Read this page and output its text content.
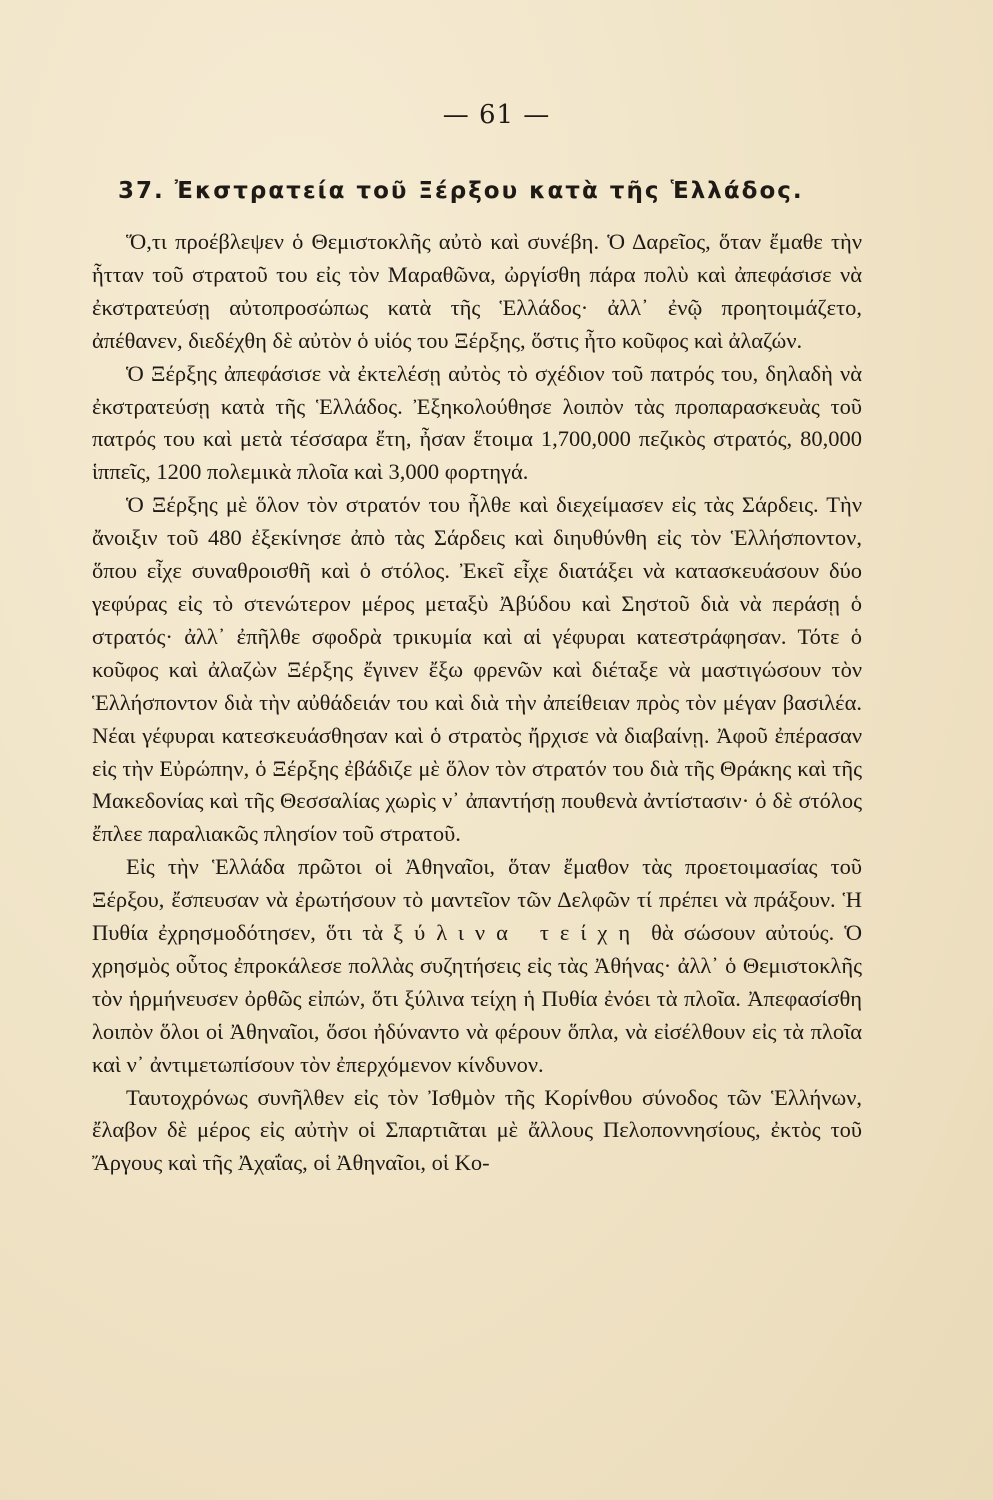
— 61 —
37. Ἐκστρατεία τοῦ Ξέρξου κατὰ τῆς Ἑλλάδος.

Ὅ,τι προέβλεψεν ὁ Θεμιστοκλῆς αὐτὸ καὶ συνέβη. Ὁ Δαρεῖος, ὅταν ἔμαθε τὴν ἧτταν τοῦ στρατοῦ του εἰς τὸν Μαραθῶνα, ὠργίσθη πάρα πολὺ καὶ ἀπεφάσισε νὰ ἐκστρατεύσῃ αὐτοπροσώπως κατὰ τῆς Ἑλλάδος· ἀλλ᾿ ἐνῷ προητοιμάζετο, ἀπέθανεν, διεδέχθη δὲ αὐτὸν ὁ υἱός του Ξέρξης, ὅστις ἦτο κοῦφος καὶ ἀλαζών.

Ὁ Ξέρξης ἀπεφάσισε νὰ ἐκτελέσῃ αὐτὸς τὸ σχέδιον τοῦ πατρός του, δηλαδὴ νὰ ἐκστρατεύσῃ κατὰ τῆς Ἑλλάδος. Ἐξηκολούθησε λοιπὸν τὰς προπαρασκευὰς τοῦ πατρός του καὶ μετὰ τέσσαρα ἔτη, ἦσαν ἕτοιμα 1,700,000 πεζικὸς στρατός, 80,000 ἱππεῖς, 1200 πολεμικὰ πλοῖα καὶ 3,000 φορτηγά.

Ὁ Ξέρξης μὲ ὅλον τὸν στρατόν του ἦλθε καὶ διεχείμασεν εἰς τὰς Σάρδεις. Τὴν ἄνοιξιν τοῦ 480 ἐξεκίνησε ἀπὸ τὰς Σάρδεις καὶ διηυθύνθη εἰς τὸν Ἑλλήσποντον, ὅπου εἶχε συναθροισθῆ καὶ ὁ στόλος. Ἐκεῖ εἶχε διατάξει νὰ κατασκευάσουν δύο γεφύρας εἰς τὸ στενώτερον μέρος μεταξὺ Ἀβύδου καὶ Σηστοῦ διὰ νὰ περάσῃ ὁ στρατός· ἀλλ᾿ ἐπῆλθε σφοδρὰ τρικυμία καὶ αἱ γέφυραι κατεστράφησαν. Τότε ὁ κοῦφος καὶ ἀλαζὼν Ξέρξης ἔγινεν ἔξω φρενῶν καὶ διέταξε νὰ μαστιγώσουν τὸν Ἑλλήσποντον διὰ τὴν αὐθάδειάν του καὶ διὰ τὴν ἀπείθειαν πρὸς τὸν μέγαν βασιλέα. Νέαι γέφυραι κατεσκευάσθησαν καὶ ὁ στρατὸς ἤρχισε νὰ διαβαίνῃ. Ἀφοῦ ἐπέρασαν εἰς τὴν Εὐρώπην, ὁ Ξέρξης ἐβάδιζε μὲ ὅλον τὸν στρατόν του διὰ τῆς Θράκης καὶ τῆς Μακεδονίας καὶ τῆς Θεσσαλίας χωρὶς ν᾿ ἀπαντήσῃ πουθενὰ ἀντίστασιν· ὁ δὲ στόλος ἔπλεε παραλιακῶς πλησίον τοῦ στρατοῦ.

Εἰς τὴν Ἑλλάδα πρῶτοι οἱ Ἀθηναῖοι, ὅταν ἔμαθον τὰς προετοιμασίας τοῦ Ξέρξου, ἔσπευσαν νὰ ἐρωτήσουν τὸ μαντεῖον τῶν Δελφῶν τί πρέπει νὰ πράξουν. Ἡ Πυθία ἐχρησμοδότησεν, ὅτι τὰ ξύλινα τείχη θὰ σώσουν αὐτούς. Ὁ χρησμὸς οὗτος ἐπροκάλεσε πολλὰς συζητήσεις εἰς τὰς Ἀθήνας· ἀλλ᾿ ὁ Θεμιστοκλῆς τὸν ἡρμήνευσεν ὀρθῶς εἰπών, ὅτι ξύλινα τείχη ἡ Πυθία ἐνόει τὰ πλοῖα. Ἀπεφασίσθη λοιπὸν ὅλοι οἱ Ἀθηναῖοι, ὅσοι ἠδύναντο νὰ φέρουν ὅπλα, νὰ εἰσέλθουν εἰς τὰ πλοῖα καὶ ν᾿ ἀντιμετωπίσουν τὸν ἐπερχόμενον κίνδυνον.

Ταυτοχρόνως συνῆλθεν εἰς τὸν Ἰσθμὸν τῆς Κορίνθου σύνοδος τῶν Ἑλλήνων, ἔλαβον δὲ μέρος εἰς αὐτὴν οἱ Σπαρτιᾶται μὲ ἄλλους Πελοποννησίους, ἐκτὸς τοῦ Ἄργους καὶ τῆς Ἀχαΐας, οἱ Ἀθηναῖοι, οἱ Κο-
